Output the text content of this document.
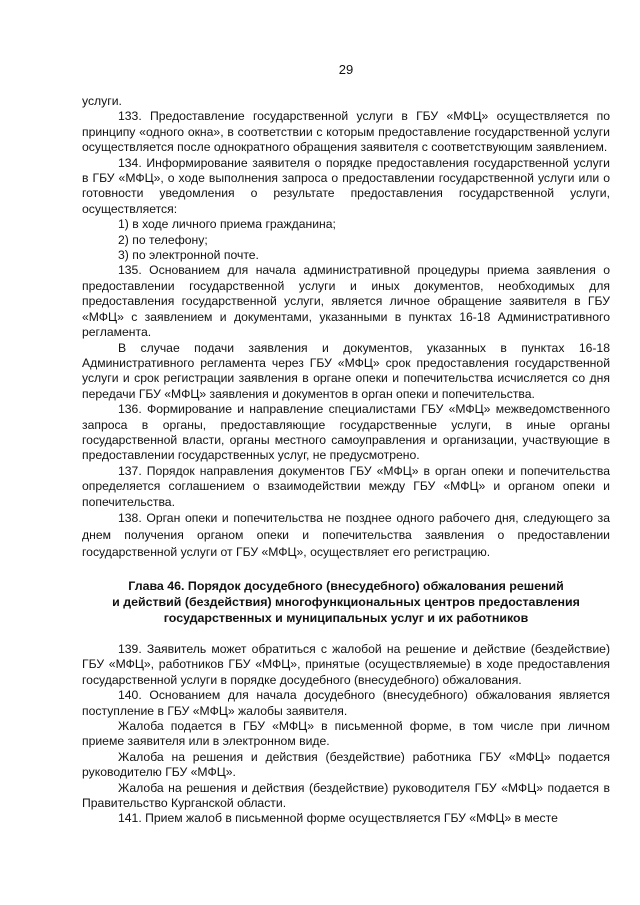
29

услуги.

133. Предоставление государственной услуги в ГБУ «МФЦ» осуществляется по принципу «одного окна», в соответствии с которым предоставление государственной услуги осуществляется после однократного обращения заявителя с соответствующим заявлением.

134. Информирование заявителя о порядке предоставления государственной услуги в ГБУ «МФЦ», о ходе выполнения запроса о предоставлении государственной услуги или о готовности уведомления о результате предоставления государственной услуги, осуществляется:

1) в ходе личного приема гражданина;

2) по телефону;

3) по электронной почте.

135. Основанием для начала административной процедуры приема заявления о предоставлении государственной услуги и иных документов, необходимых для предоставления государственной услуги, является личное обращение заявителя в ГБУ «МФЦ» с заявлением и документами, указанными в пунктах 16-18 Административного регламента.

В случае подачи заявления и документов, указанных в пунктах 16-18 Административного регламента через ГБУ «МФЦ» срок предоставления государственной услуги и срок регистрации заявления в органе опеки и попечительства исчисляется со дня передачи ГБУ «МФЦ» заявления и документов в орган опеки и попечительства.

136. Формирование и направление специалистами ГБУ «МФЦ» межведомственного запроса в органы, предоставляющие государственные услуги, в иные органы государственной власти, органы местного самоуправления и организации, участвующие в предоставлении государственных услуг, не предусмотрено.

137. Порядок направления документов ГБУ «МФЦ» в орган опеки и попечительства определяется соглашением о взаимодействии между ГБУ «МФЦ» и органом опеки и попечительства.

138. Орган опеки и попечительства не позднее одного рабочего дня, следующего за днем получения органом опеки и попечительства заявления о предоставлении государственной услуги от ГБУ «МФЦ», осуществляет его регистрацию.

Глава 46. Порядок досудебного (внесудебного) обжалования решений
и действий (бездействия) многофункциональных центров предоставления
государственных и муниципальных услуг и их работников

139. Заявитель может обратиться с жалобой на решение и действие (бездействие) ГБУ «МФЦ», работников ГБУ «МФЦ», принятые (осуществляемые) в ходе предоставления государственной услуги в порядке досудебного (внесудебного) обжалования.

140. Основанием для начала досудебного (внесудебного) обжалования является поступление в ГБУ «МФЦ» жалобы заявителя.

Жалоба подается в ГБУ «МФЦ» в письменной форме, в том числе при личном приеме заявителя или в электронном виде.

Жалоба на решения и действия (бездействие) работника ГБУ «МФЦ» подается руководителю ГБУ «МФЦ».

Жалоба на решения и действия (бездействие) руководителя ГБУ «МФЦ» подается в Правительство Курганской области.

141. Прием жалоб в письменной форме осуществляется ГБУ «МФЦ» в месте
